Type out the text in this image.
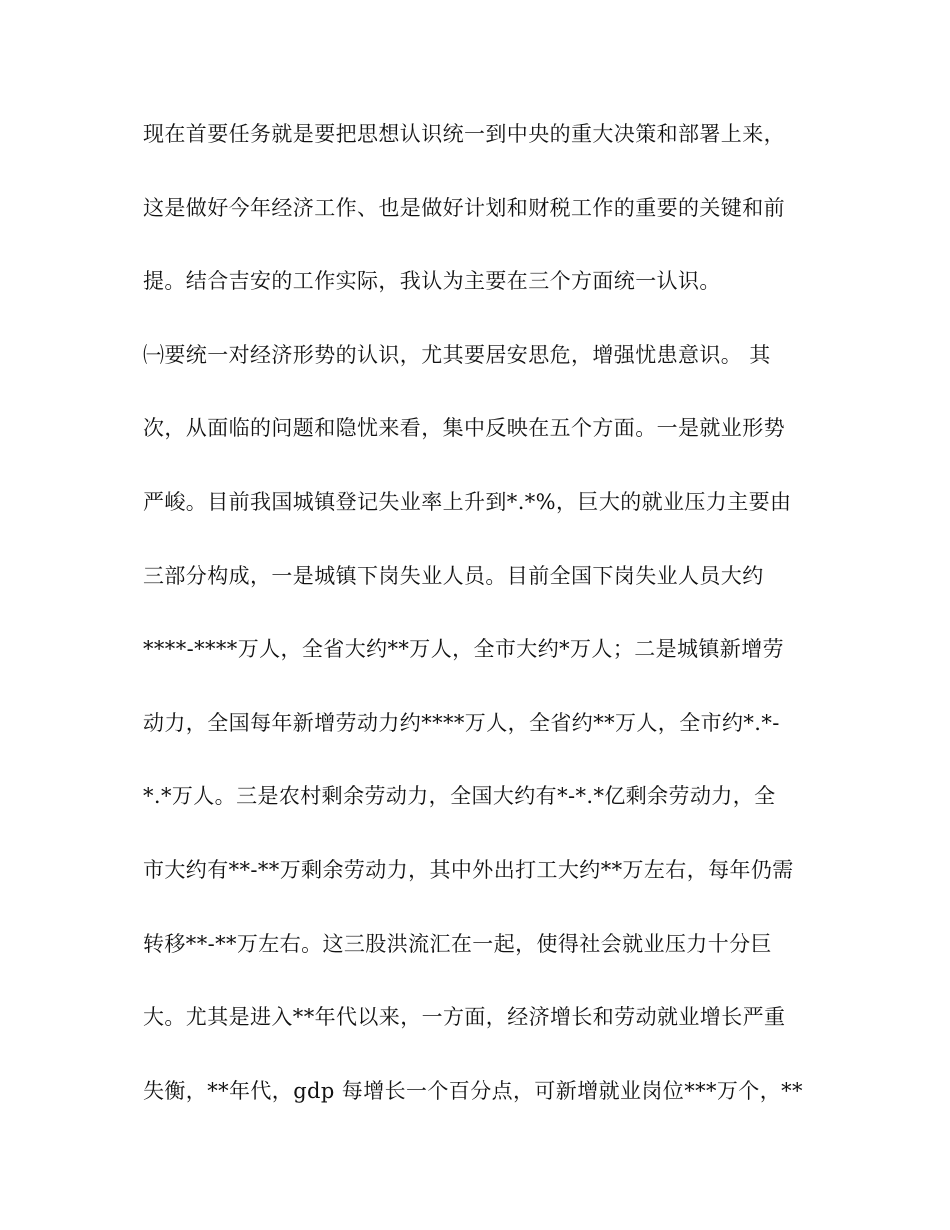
现在首要任务就是要把思想认识统一到中央的重大决策和部署上来，
这是做好今年经济工作、也是做好计划和财税工作的重要的关键和前
提。结合吉安的工作实际，我认为主要在三个方面统一认识。
㈠要统一对经济形势的认识，尤其要居安思危，增强忧患意识。 其
次，从面临的问题和隐忧来看，集中反映在五个方面。一是就业形势
严峻。目前我国城镇登记失业率上升到*.*%，巨大的就业压力主要由
三部分构成，一是城镇下岗失业人员。目前全国下岗失业人员大约
****-****万人，全省大约**万人，全市大约*万人；二是城镇新增劳
动力，全国每年新增劳动力约****万人，全省约**万人，全市约*.*-
*.*万人。三是农村剩余劳动力，全国大约有*-*.*亿剩余劳动力，全
市大约有**-**万剩余劳动力，其中外出打工大约**万左右，每年仍需
转移**-**万左右。这三股洪流汇在一起，使得社会就业压力十分巨
大。尤其是进入**年代以来，一方面，经济增长和劳动就业增长严重
失衡，**年代，gdp 每增长一个百分点，可新增就业岗位***万个，**
